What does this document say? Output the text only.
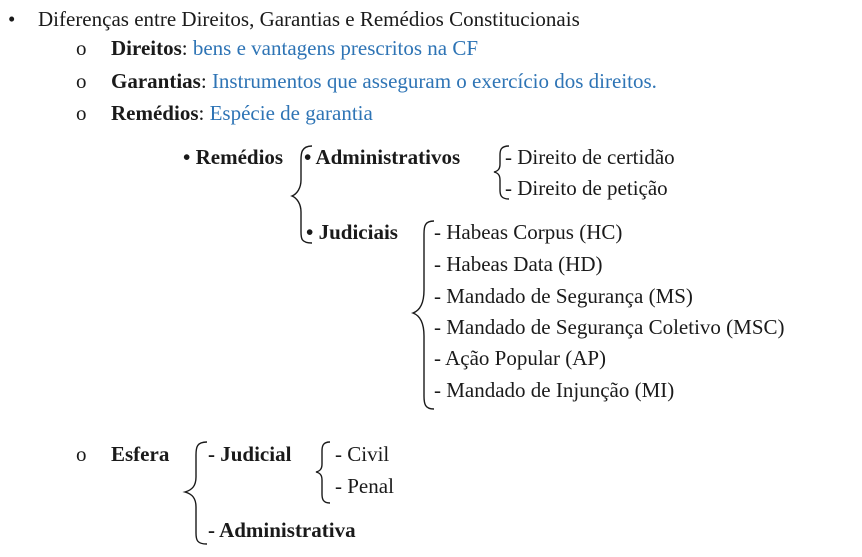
• Diferenças entre Direitos, Garantias e Remédios Constitucionais
o Direitos: bens e vantagens prescritos na CF
o Garantias: Instrumentos que asseguram o exercício dos direitos.
o Remédios: Espécie de garantia
• Remédios • Administrativos - Direito de certidão
- Direito de petição
• Judiciais - Habeas Corpus (HC)
- Habeas Data (HD)
- Mandado de Segurança (MS)
- Mandado de Segurança Coletivo (MSC)
- Ação Popular (AP)
- Mandado de Injunção (MI)
o Esfera - Judicial - Civil
- Penal
- Administrativa
